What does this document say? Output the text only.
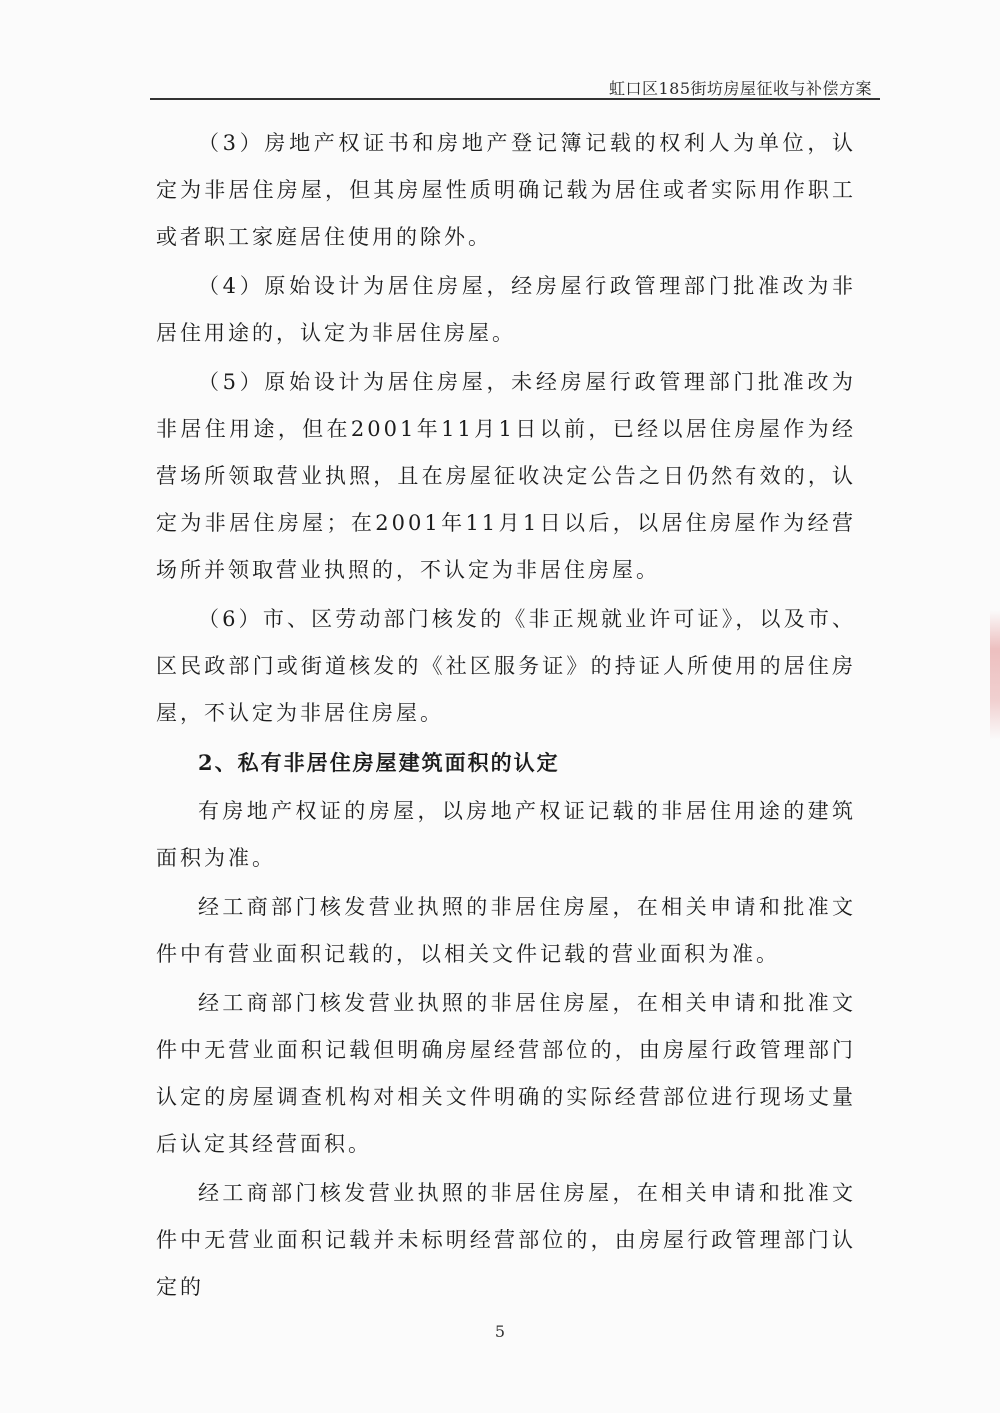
虹口区185街坊房屋征收与补偿方案

（3）房地产权证书和房地产登记簿记载的权利人为单位，认定为非居住房屋，但其房屋性质明确记载为居住或者实际用作职工或者职工家庭居住使用的除外。

（4）原始设计为居住房屋，经房屋行政管理部门批准改为非居住用途的，认定为非居住房屋。

（5）原始设计为居住房屋，未经房屋行政管理部门批准改为非居住用途，但在2001年11月1日以前，已经以居住房屋作为经营场所领取营业执照，且在房屋征收决定公告之日仍然有效的，认定为非居住房屋；在2001年11月1日以后，以居住房屋作为经营场所并领取营业执照的，不认定为非居住房屋。

（6）市、区劳动部门核发的《非正规就业许可证》，以及市、区民政部门或街道核发的《社区服务证》的持证人所使用的居住房屋，不认定为非居住房屋。

2、私有非居住房屋建筑面积的认定

有房地产权证的房屋，以房地产权证记载的非居住用途的建筑面积为准。

经工商部门核发营业执照的非居住房屋，在相关申请和批准文件中有营业面积记载的，以相关文件记载的营业面积为准。

经工商部门核发营业执照的非居住房屋，在相关申请和批准文件中无营业面积记载但明确房屋经营部位的，由房屋行政管理部门认定的房屋调查机构对相关文件明确的实际经营部位进行现场丈量后认定其经营面积。

经工商部门核发营业执照的非居住房屋，在相关申请和批准文件中无营业面积记载并未标明经营部位的，由房屋行政管理部门认定的

5
